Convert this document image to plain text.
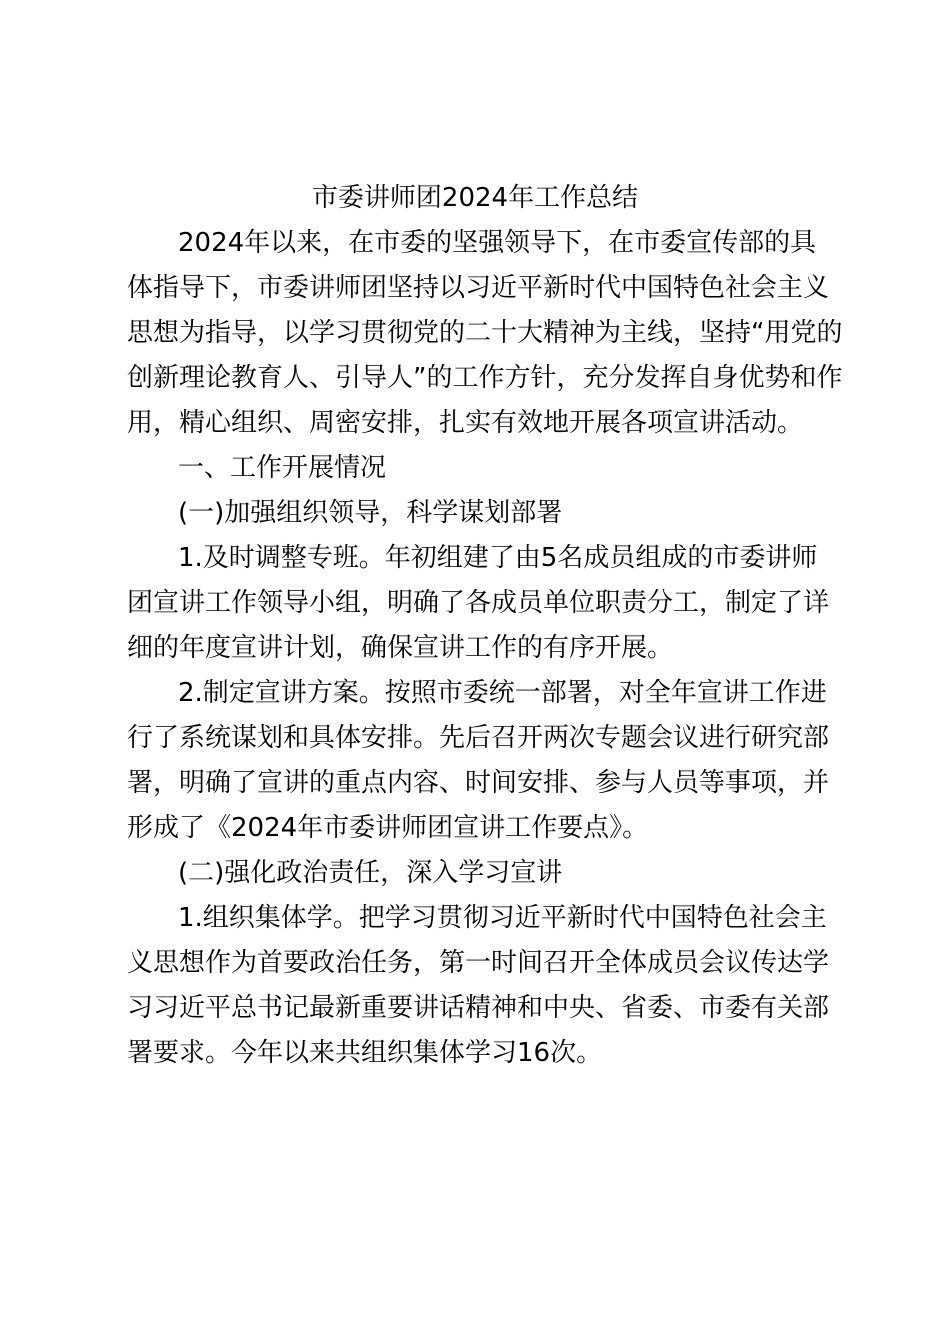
市委讲师团2024年工作总结
2024年以来，在市委的坚强领导下，在市委宣传部的具
体指导下，市委讲师团坚持以习近平新时代中国特色社会主义
思想为指导，以学习贯彻党的二十大精神为主线，坚持“用党的
创新理论教育人、引导人”的工作方针，充分发挥自身优势和作
用，精心组织、周密安排，扎实有效地开展各项宣讲活动。
一、工作开展情况
(一)加强组织领导，科学谋划部署
1.及时调整专班。年初组建了由5名成员组成的市委讲师
团宣讲工作领导小组，明确了各成员单位职责分工，制定了详
细的年度宣讲计划，确保宣讲工作的有序开展。
2.制定宣讲方案。按照市委统一部署，对全年宣讲工作进
行了系统谋划和具体安排。先后召开两次专题会议进行研究部
署，明确了宣讲的重点内容、时间安排、参与人员等事项，并
形成了《2024年市委讲师团宣讲工作要点》。
(二)强化政治责任，深入学习宣讲
1.组织集体学。把学习贯彻习近平新时代中国特色社会主
义思想作为首要政治任务，第一时间召开全体成员会议传达学
习习近平总书记最新重要讲话精神和中央、省委、市委有关部
署要求。今年以来共组织集体学习16次。
